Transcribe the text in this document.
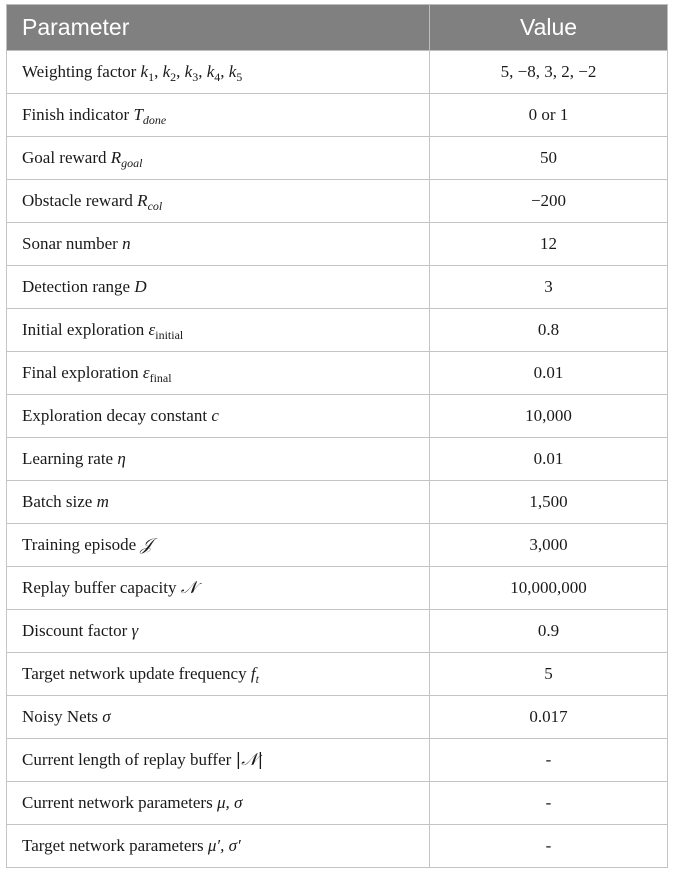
Parameter	Value
Weighting factor $k_1$, $k_2$, $k_3$, $k_4$, $k_5$	5, −8, 3, 2, −2
Finish indicator $T_{done}$	0 or 1
Goal reward $R_{goal}$	50
Obstacle reward $R_{col}$	−200
Sonar number n	12
Detection range D	3
Initial exploration $\varepsilon_{initial}$	0.8
Final exploration $\varepsilon_{final}$	0.01
Exploration decay constant c	10,000
Learning rate η	0.01
Batch size m	1,500
Training episode 𝒥	3,000
Replay buffer capacity 𝒩	10,000,000
Discount factor γ	0.9
Target network update frequency $f_t$	5
Noisy Nets σ	0.017
Current length of replay buffer |𝒩|	-
Current network parameters μ, σ	-
Target network parameters μ′, σ′	-
